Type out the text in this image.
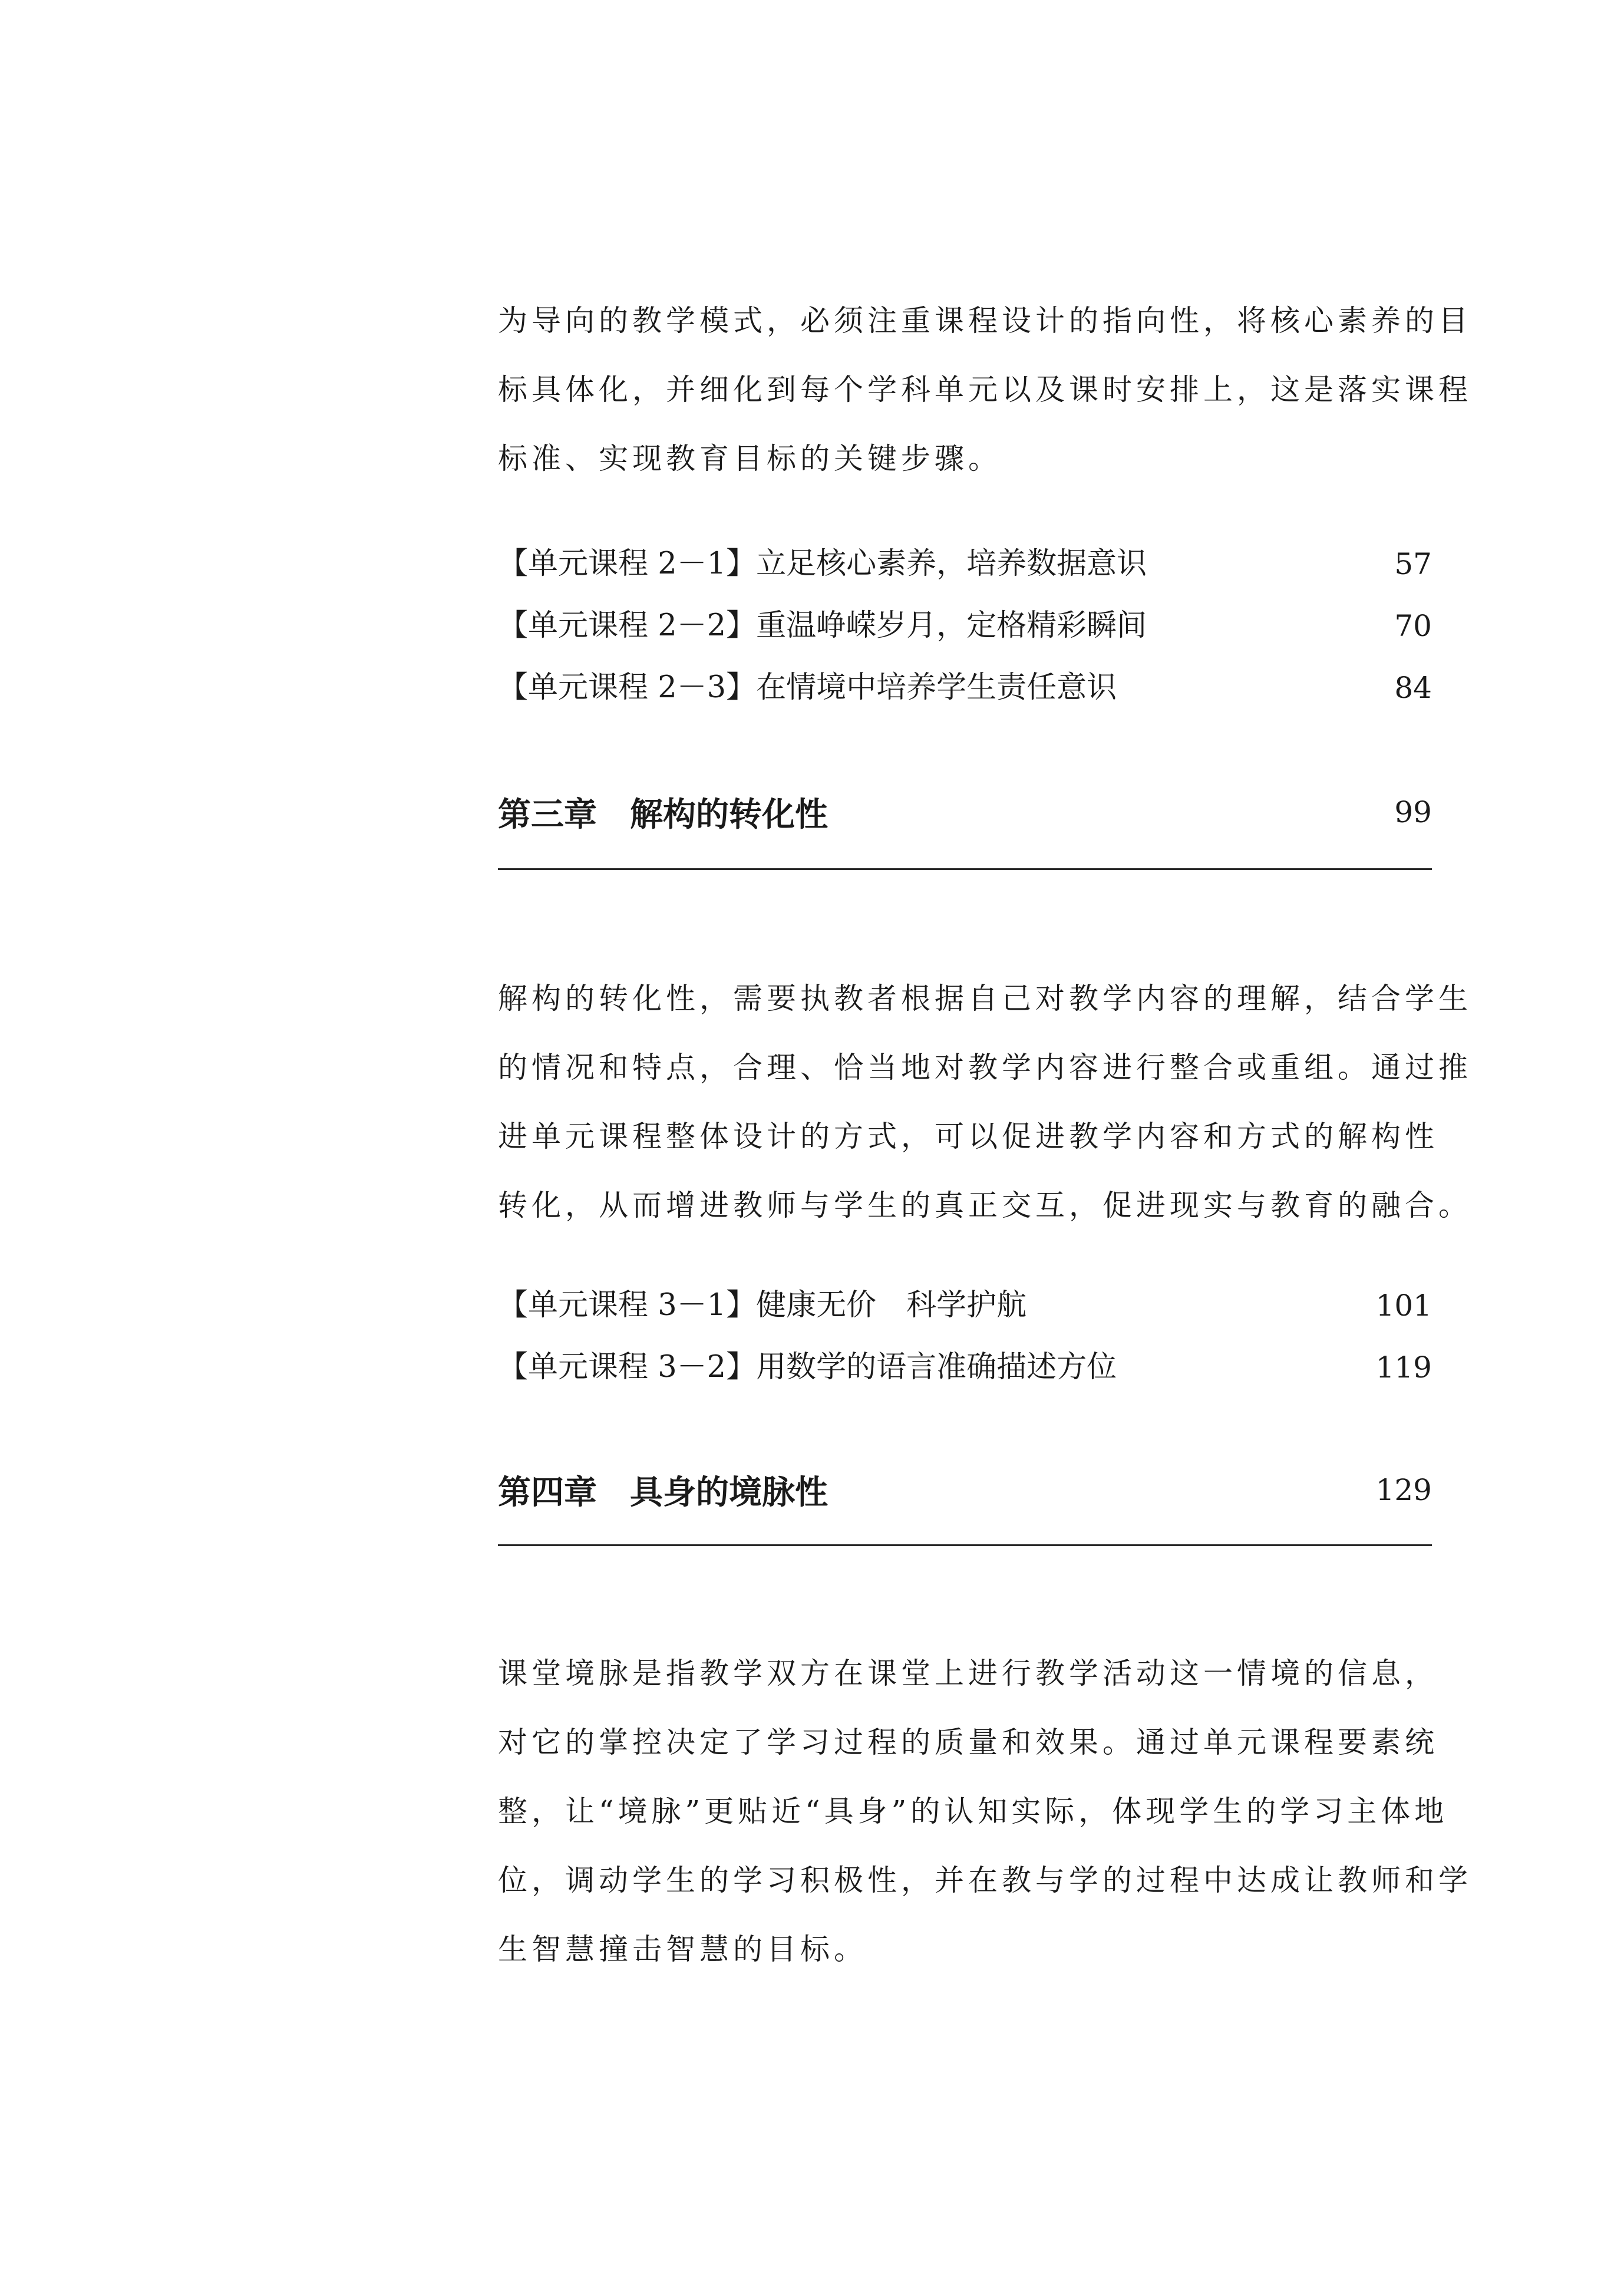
为导向的教学模式，必须注重课程设计的指向性，将核心素养的目
标具体化，并细化到每个学科单元以及课时安排上，这是落实课程
标准、实现教育目标的关键步骤。

【单元课程 2－1】立足核心素养，培养数据意识	57
【单元课程 2－2】重温峥嵘岁月，定格精彩瞬间	70
【单元课程 2－3】在情境中培养学生责任意识	84
第三章　解构的转化性	99

解构的转化性，需要执教者根据自己对教学内容的理解，结合学生
的情况和特点，合理、恰当地对教学内容进行整合或重组。通过推
进单元课程整体设计的方式，可以促进教学内容和方式的解构性
转化，从而增进教师与学生的真正交互，促进现实与教育的融合。

【单元课程 3－1】健康无价　科学护航	101
【单元课程 3－2】用数学的语言准确描述方位	119
第四章　具身的境脉性	129

课堂境脉是指教学双方在课堂上进行教学活动这一情境的信息，
对它的掌控决定了学习过程的质量和效果。通过单元课程要素统
整，让“境脉”更贴近“具身”的认知实际，体现学生的学习主体地
位，调动学生的学习积极性，并在教与学的过程中达成让教师和学
生智慧撞击智慧的目标。
